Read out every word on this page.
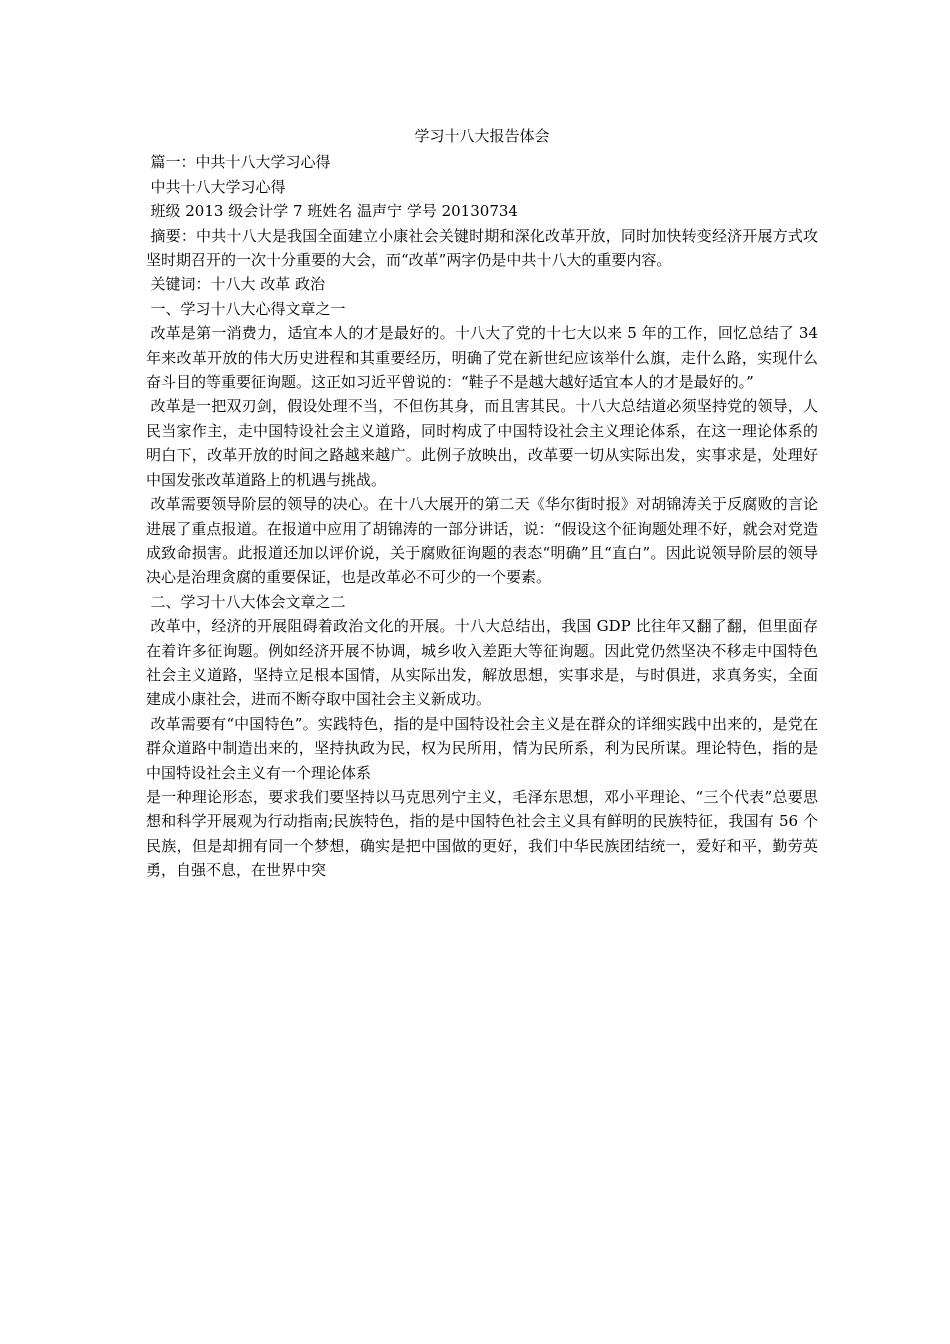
学习十八大报告体会

篇一：中共十八大学习心得

中共十八大学习心得

班级 2013 级会计学 7 班姓名 温声宁 学号 20130734

摘要：中共十八大是我国全面建立小康社会关键时期和深化改革开放，同时加快转变经济开展方式攻坚时期召开的一次十分重要的大会，而“改革”两字仍是中共十八大的重要内容。

关键词：十八大 改革 政治

一、学习十八大心得文章之一

改革是第一消费力，适宜本人的才是最好的。十八大了党的十七大以来 5 年的工作，回忆总结了 34 年来改革开放的伟大历史进程和其重要经历，明确了党在新世纪应该举什么旗，走什么路，实现什么奋斗目的等重要征询题。这正如习近平曾说的：“鞋子不是越大越好适宜本人的才是最好的。”

改革是一把双刃剑，假设处理不当，不但伤其身，而且害其民。十八大总结道必须坚持党的领导，人民当家作主，走中国特设社会主义道路，同时构成了中国特设社会主义理论体系，在这一理论体系的明白下，改革开放的时间之路越来越广。此例子放映出，改革要一切从实际出发，实事求是，处理好中国发张改革道路上的机遇与挑战。

改革需要领导阶层的领导的决心。在十八大展开的第二天《华尔街时报》对胡锦涛关于反腐败的言论进展了重点报道。在报道中应用了胡锦涛的一部分讲话，说：“假设这个征询题处理不好，就会对党造成致命损害。此报道还加以评价说，关于腐败征询题的表态“明确”且“直白”。因此说领导阶层的领导决心是治理贪腐的重要保证，也是改革必不可少的一个要素。

二、学习十八大体会文章之二

改革中，经济的开展阻碍着政治文化的开展。十八大总结出，我国 GDP 比往年又翻了翻，但里面存在着许多征询题。例如经济开展不协调，城乡收入差距大等征询题。因此党仍然坚决不移走中国特色社会主义道路，坚持立足根本国情，从实际出发，解放思想，实事求是，与时俱进，求真务实，全面建成小康社会，进而不断夺取中国社会主义新成功。

改革需要有“中国特色”。实践特色，指的是中国特设社会主义是在群众的详细实践中出来的，是党在群众道路中制造出来的，坚持执政为民，权为民所用，情为民所系，利为民所谋。理论特色，指的是中国特设社会主义有一个理论体系

是一种理论形态，要求我们要坚持以马克思列宁主义，毛泽东思想，邓小平理论、“三个代表”总要思想和科学开展观为行动指南;民族特色，指的是中国特色社会主义具有鲜明的民族特征，我国有 56 个民族，但是却拥有同一个梦想，确实是把中国做的更好，我们中华民族团结统一，爱好和平，勤劳英勇，自强不息，在世界中突
